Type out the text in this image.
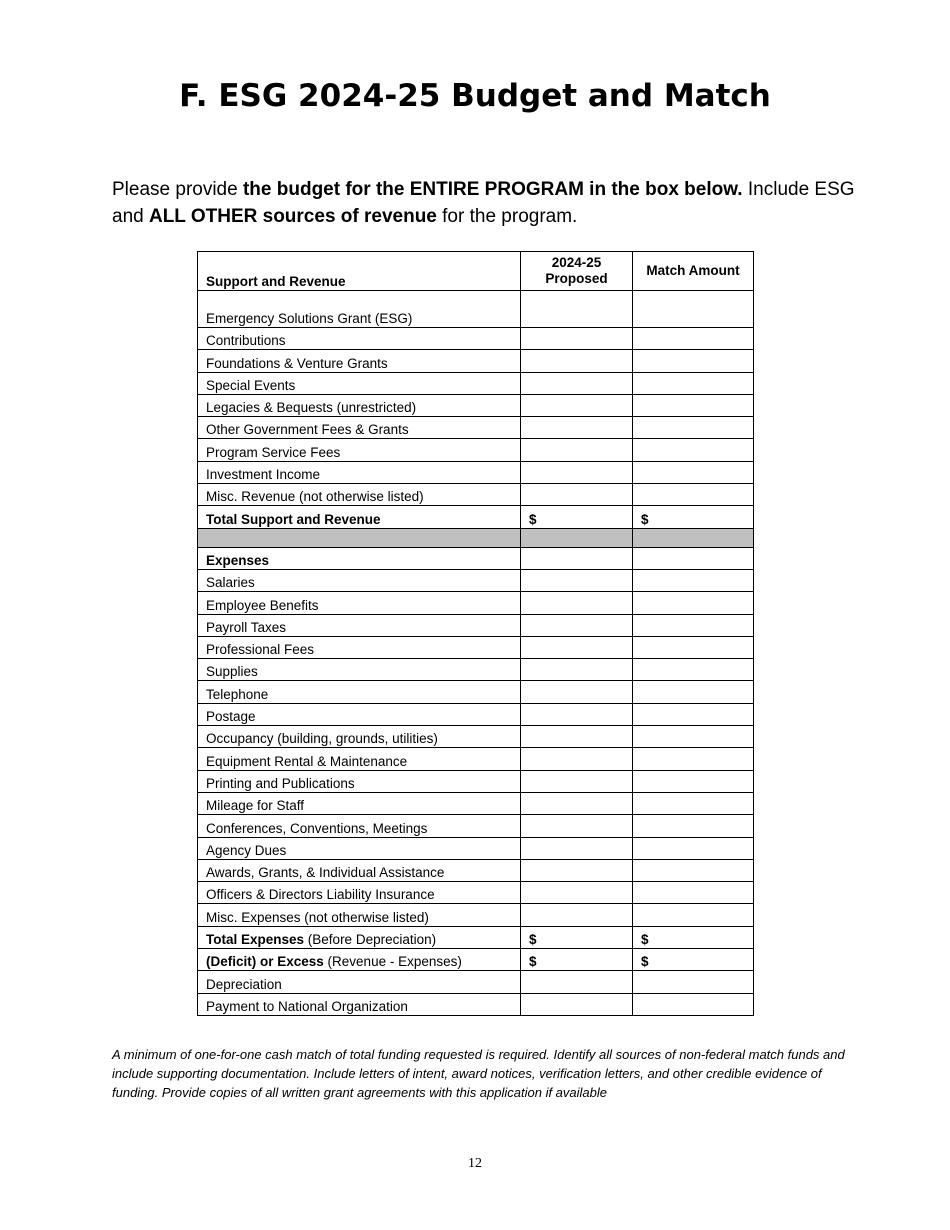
F. ESG 2024-25 Budget and Match

Please provide the budget for the ENTIRE PROGRAM in the box below. Include ESG and ALL OTHER sources of revenue for the program.

Support and Revenue	2024-25 Proposed	Match Amount
Emergency Solutions Grant (ESG)		
Contributions		
Foundations & Venture Grants		
Special Events		
Legacies & Bequests (unrestricted)		
Other Government Fees & Grants		
Program Service Fees		
Investment Income		
Misc. Revenue (not otherwise listed)		
Total Support and Revenue	$	$

Expenses		
Salaries		
Employee Benefits		
Payroll Taxes		
Professional Fees		
Supplies		
Telephone		
Postage		
Occupancy (building, grounds, utilities)		
Equipment Rental & Maintenance		
Printing and Publications		
Mileage for Staff		
Conferences, Conventions, Meetings		
Agency Dues		
Awards, Grants, & Individual Assistance		
Officers & Directors Liability Insurance		
Misc. Expenses (not otherwise listed)		
Total Expenses (Before Depreciation)	$	$
(Deficit) or Excess (Revenue - Expenses)	$	$
Depreciation		
Payment to National Organization		

A minimum of one-for-one cash match of total funding requested is required. Identify all sources of non-federal match funds and include supporting documentation. Include letters of intent, award notices, verification letters, and other credible evidence of funding. Provide copies of all written grant agreements with this application if available

12
